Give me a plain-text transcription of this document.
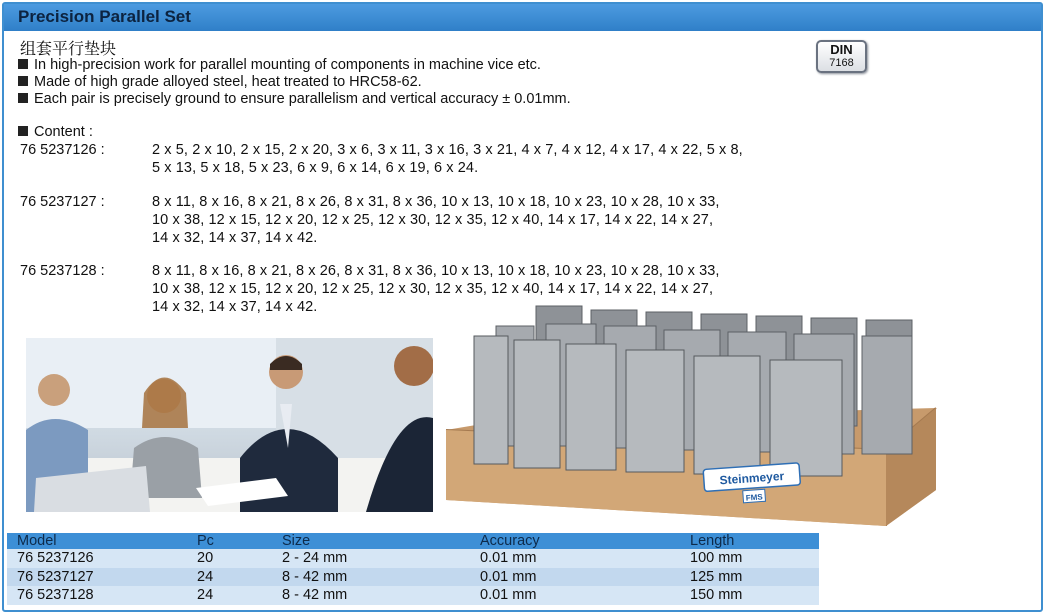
Precision Parallel Set
组套平行垫块
In high-precision work for parallel mounting of components in machine vice etc.
Made of high grade alloyed steel, heat treated to HRC58-62.
Each pair is precisely ground to ensure parallelism and vertical accuracy ± 0.01mm.
DIN
7168
Content :
76 5237126 :	2 x 5, 2 x 10, 2 x 15, 2 x 20, 3 x 6, 3 x 11, 3 x 16, 3 x 21, 4 x 7, 4 x 12, 4 x 17, 4 x 22, 5 x 8,
5 x 13, 5 x 18, 5 x 23, 6 x 9, 6 x 14, 6 x 19, 6 x 24.
76 5237127 :	8 x 11, 8 x 16, 8 x 21, 8 x 26, 8 x 31, 8 x 36, 10 x 13, 10 x 18, 10 x 23, 10 x 28, 10 x 33,
10 x 38, 12 x 15, 12 x 20, 12 x 25, 12 x 30, 12 x 35, 12 x 40, 14 x 17, 14 x 22, 14 x 27,
14 x 32, 14 x 37, 14 x 42.
76 5237128 :	8 x 11, 8 x 16, 8 x 21, 8 x 26, 8 x 31, 8 x 36, 10 x 13, 10 x 18, 10 x 23, 10 x 28, 10 x 33,
10 x 38, 12 x 15, 12 x 20, 12 x 25, 12 x 30, 12 x 35, 12 x 40, 14 x 17, 14 x 22, 14 x 27,
14 x 32, 14 x 37, 14 x 42.
Steinmeyer
FMS
Model	Pc	Size	Accuracy	Length
76 5237126	20	2 - 24 mm	0.01 mm	100 mm
76 5237127	24	8 - 42 mm	0.01 mm	125 mm
76 5237128	24	8 - 42 mm	0.01 mm	150 mm
